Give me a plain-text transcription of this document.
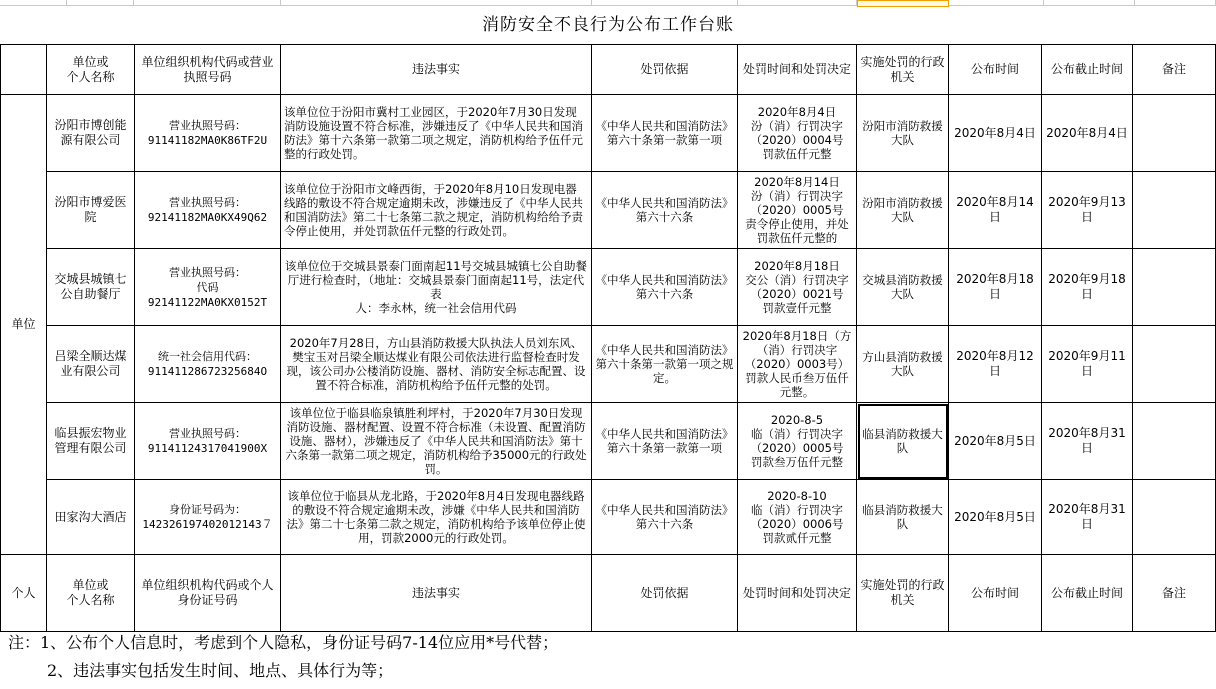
消防安全不良行为公布工作台账									
	单位或
个人名称	单位组织机构代码或营业执照号码	违法事实	处罚依据	处罚时间和处罚决定	实施处罚的行政机关	公布时间	公布截止时间	备注
单位	汾阳市博创能源有限公司	营业执照号码：
91141182MA0K86TF2U	该单位位于汾阳市冀村工业园区，于2020年7月30日发现消防设施设置不符合标准，涉嫌违反了《中华人民共和国消防法》第十六条第一款第二项之规定，消防机构给予伍仟元整的行政处罚。	《中华人民共和国消防法》第六十条第一款第一项	2020年8月4日
汾（消）行罚决字（2020）0004号
罚款伍仟元整	汾阳市消防救援大队	2020年8月4日	2020年8月4日	
	汾阳市博爱医院	营业执照号码：
92141182MA0KX49Q62	该单位位于汾阳市文峰西街，于2020年8月10日发现电器线路的敷设不符合规定逾期未改，涉嫌违反了《中华人民共和国消防法》第二十七条第二款之规定，消防机构给给予责令停止使用，并处罚款伍仟元整的行政处罚。	《中华人民共和国消防法》第六十六条	2020年8月14日
汾（消）行罚决字（2020）0005号
责令停止使用，并处罚款伍仟元整的	汾阳市消防救援大队	2020年8月14日	2020年9月13日	
	交城县城镇七公自助餐厅	营业执照号码：
代码
92141122MA0KX0152T	该单位位于交城县景泰门面南起11号交城县城镇七公自助餐
厅进行检查时，（地址：交城县景泰门面南起11号，法定代表
人：李永林，统一社会信用代码	《中华人民共和国消防法》第六十六条	2020年8月18日
交公（消）行罚决字（2020）0021号
罚款壹仟元整	交城县消防救援大队	2020年8月18日	2020年9月18日	
	吕梁全顺达煤业有限公司	统一社会信用代码：
91141128672325684O	2020年7月28日，方山县消防救援大队执法人员刘东风、樊宝玉对吕梁全顺达煤业有限公司依法进行监督检查时发现，该公司办公楼消防设施、器材、消防安全标志配置、设置不符合标准，消防机构给予伍仟元整的处罚。	《中华人民共和国消防法》第六十条第一款第一项之规定。	2020年8月18日（方（消）行罚决字（2020）0003号）罚款人民币叁万伍仟元整。	方山县消防救援大队	2020年8月12日	2020年9月11日	
	临县振宏物业管理有限公司	营业执照号码：
91141124317041900X	该单位位于临县临泉镇胜利坪村，于2020年7月30日发现消防设施、器材配置、设置不符合标准（未设置、配置消防设施、器材），涉嫌违反了《中华人民共和国消防法》第十六条第一款第二项之规定，消防机构给予35000元的行政处罚。	《中华人民共和国消防法》第六十条第一款第一项	2020-8-5
临（消）行罚决字（2020）0005号
罚款叁万伍仟元整	临县消防救援大队	2020年8月5日	2020年8月31日	
	田家沟大酒店	身份证号码为：
142326197402012143７	该单位位于临县从龙北路，于2020年8月4日发现电器线路的敷设不符合规定逾期未改，涉嫌《中华人民共和国消防法》第二十七条第二款之规定，消防机构给予该单位停止使用，罚款2000元的行政处罚。	《中华人民共和国消防法》第六十六条	2020-8-10
临（消）行罚决字（2020）0006号
罚款贰仟元整	临县消防救援大队	2020年8月5日	2020年8月31日	
个人	单位或
个人名称	单位组织机构代码或个人身份证号码	违法事实	处罚依据	处罚时间和处罚决定	实施处罚的行政机关	公布时间	公布截止时间	备注
注：1、公布个人信息时，考虑到个人隐私，身份证号码7-14位应用*号代替；
2、违法事实包括发生时间、地点、具体行为等；
